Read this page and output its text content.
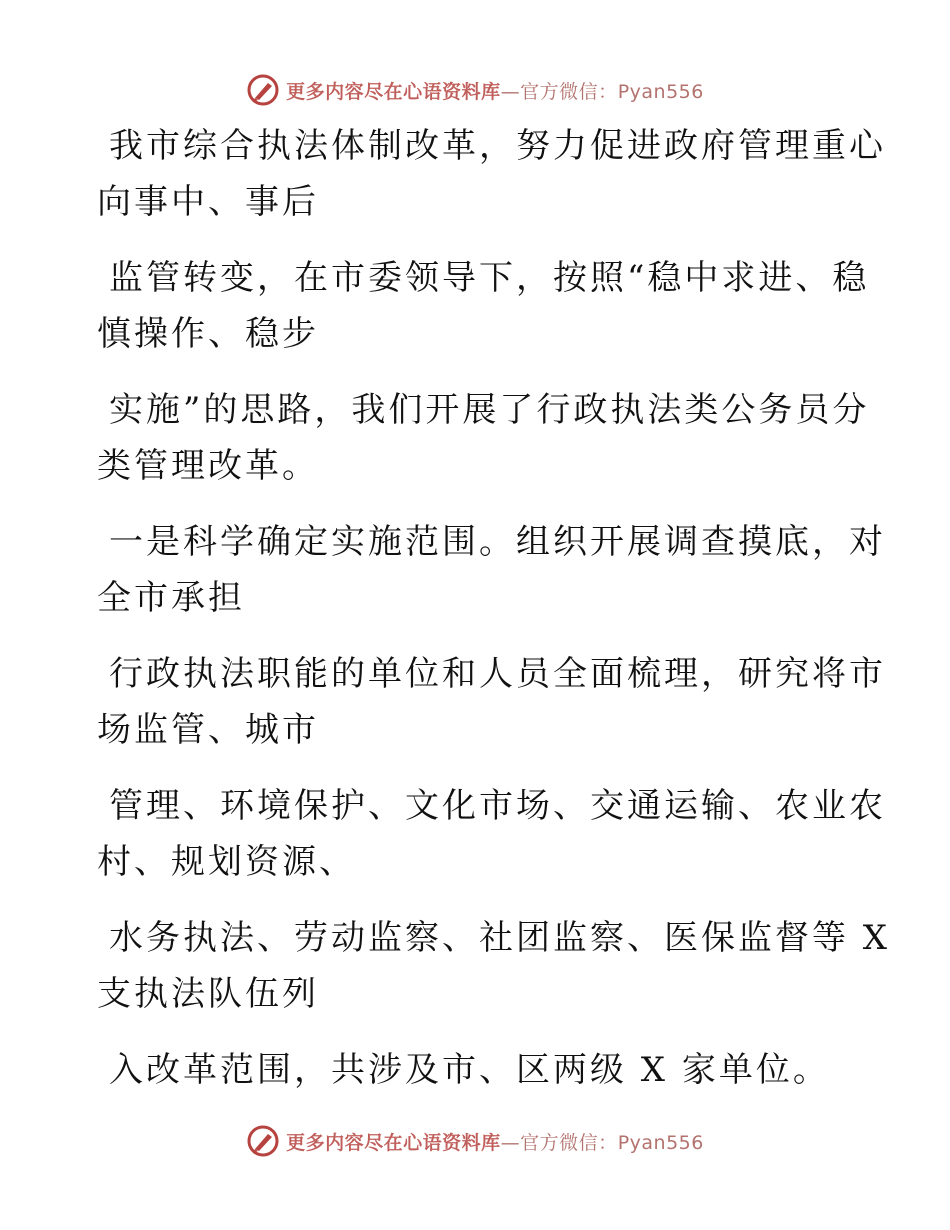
更多内容尽在心语资料库—官方微信：Pyan556

我市综合执法体制改革，努力促进政府管理重心
向事中、事后

监管转变，在市委领导下，按照“稳中求进、稳
慎操作、稳步

实施”的思路，我们开展了行政执法类公务员分
类管理改革。

一是科学确定实施范围。组织开展调查摸底，对
全市承担

行政执法职能的单位和人员全面梳理，研究将市
场监管、城市

管理、环境保护、文化市场、交通运输、农业农
村、规划资源、

水务执法、劳动监察、社团监察、医保监督等 X
支执法队伍列

入改革范围，共涉及市、区两级 X 家单位。

更多内容尽在心语资料库—官方微信：Pyan556
